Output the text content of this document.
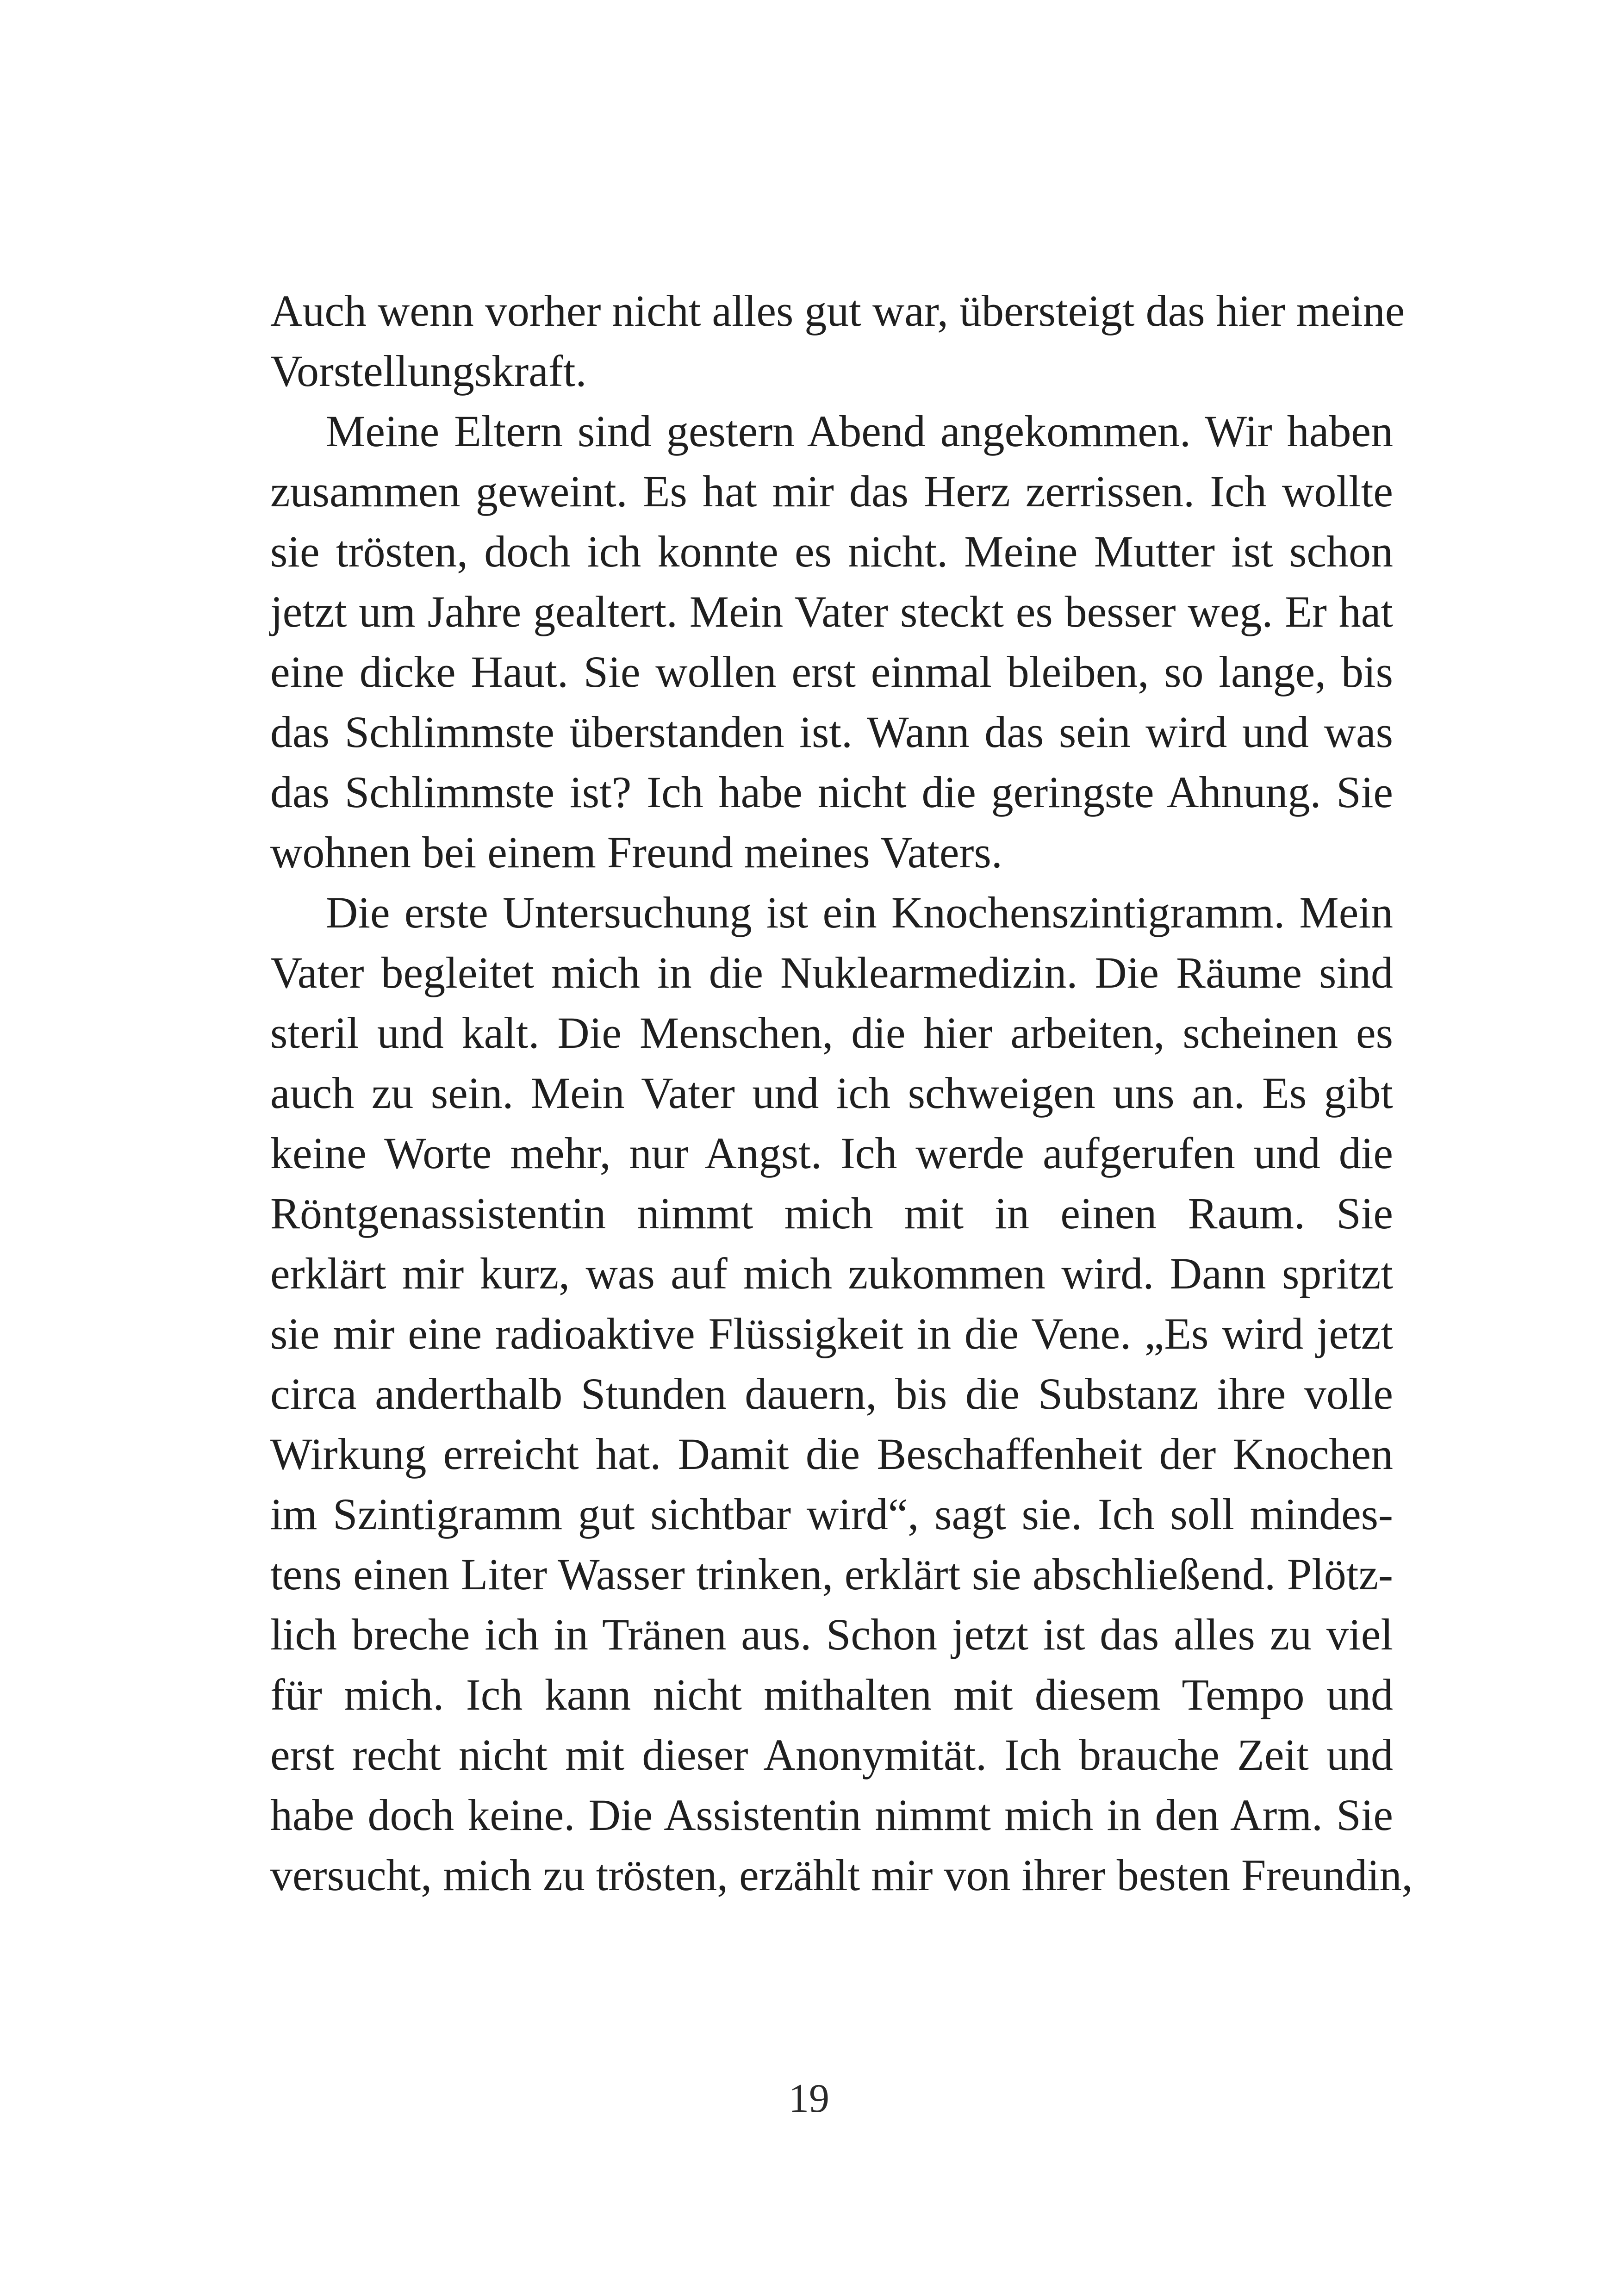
Auch wenn vorher nicht alles gut war, übersteigt das hier meine
Vorstellungskraft.
Meine Eltern sind gestern Abend angekommen. Wir haben
zusammen geweint. Es hat mir das Herz zerrissen. Ich wollte
sie trösten, doch ich konnte es nicht. Meine Mutter ist schon
jetzt um Jahre gealtert. Mein Vater steckt es besser weg. Er hat
eine dicke Haut. Sie wollen erst einmal bleiben, so lange, bis
das Schlimmste überstanden ist. Wann das sein wird und was
das Schlimmste ist? Ich habe nicht die geringste Ahnung. Sie
wohnen bei einem Freund meines Vaters.
Die erste Untersuchung ist ein Knochenszintigramm. Mein
Vater begleitet mich in die Nuklearmedizin. Die Räume sind
steril und kalt. Die Menschen, die hier arbeiten, scheinen es
auch zu sein. Mein Vater und ich schweigen uns an. Es gibt
keine Worte mehr, nur Angst. Ich werde aufgerufen und die
Röntgenassistentin nimmt mich mit in einen Raum. Sie
erklärt mir kurz, was auf mich zukommen wird. Dann spritzt
sie mir eine radioaktive Flüssigkeit in die Vene. „Es wird jetzt
circa anderthalb Stunden dauern, bis die Substanz ihre volle
Wirkung erreicht hat. Damit die Beschaffenheit der Knochen
im Szintigramm gut sichtbar wird“, sagt sie. Ich soll mindes-
tens einen Liter Wasser trinken, erklärt sie abschließend. Plötz-
lich breche ich in Tränen aus. Schon jetzt ist das alles zu viel
für mich. Ich kann nicht mithalten mit diesem Tempo und
erst recht nicht mit dieser Anonymität. Ich brauche Zeit und
habe doch keine. Die Assistentin nimmt mich in den Arm. Sie
versucht, mich zu trösten, erzählt mir von ihrer besten Freundin,
19
